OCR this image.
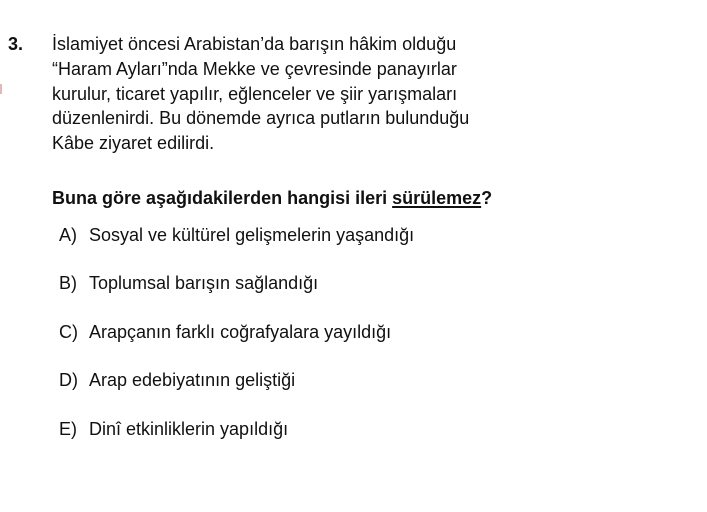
3. İslamiyet öncesi Arabistan’da barışın hâkim olduğu
“Haram Ayları”nda Mekke ve çevresinde panayırlar
kurulur, ticaret yapılır, eğlenceler ve şiir yarışmaları
düzenlenirdi. Bu dönemde ayrıca putların bulunduğu
Kâbe ziyaret edilirdi.
Buna göre aşağıdakilerden hangisi ileri sürülemez?
A) Sosyal ve kültürel gelişmelerin yaşandığı
B) Toplumsal barışın sağlandığı
C) Arapçanın farklı coğrafyalara yayıldığı
D) Arap edebiyatının geliştiği
E) Dinî etkinliklerin yapıldığı
